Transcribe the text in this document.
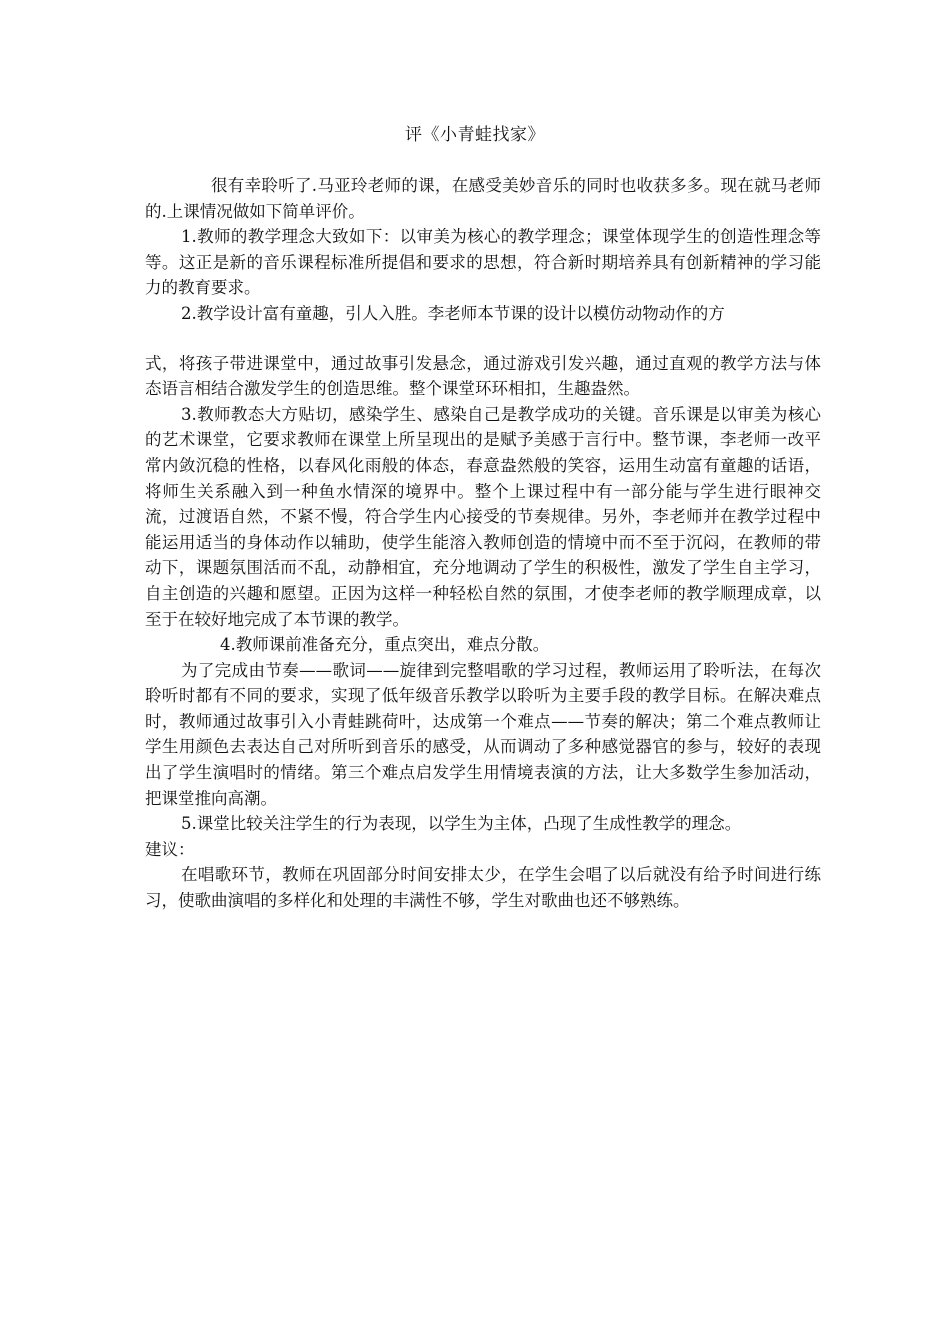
评《小青蛙找家》

很有幸聆听了.马亚玲老师的课，在感受美妙音乐的同时也收获多多。现在就马老师的.上课情况做如下简单评价。

1.教师的教学理念大致如下：以审美为核心的教学理念；课堂体现学生的创造性理念等等。这正是新的音乐课程标准所提倡和要求的思想，符合新时期培养具有创新精神的学习能力的教育要求。

2.教学设计富有童趣，引人入胜。李老师本节课的设计以模仿动物动作的方

式，将孩子带进课堂中，通过故事引发悬念，通过游戏引发兴趣，通过直观的教学方法与体态语言相结合激发学生的创造思维。整个课堂环环相扣，生趣盎然。

3.教师教态大方贴切，感染学生、感染自己是教学成功的关键。音乐课是以审美为核心的艺术课堂，它要求教师在课堂上所呈现出的是赋予美感于言行中。整节课，李老师一改平常内敛沉稳的性格，以春风化雨般的体态，春意盎然般的笑容，运用生动富有童趣的话语，将师生关系融入到一种鱼水情深的境界中。整个上课过程中有一部分能与学生进行眼神交流，过渡语自然，不紧不慢，符合学生内心接受的节奏规律。另外，李老师并在教学过程中能运用适当的身体动作以辅助，使学生能溶入教师创造的情境中而不至于沉闷，在教师的带动下，课题氛围活而不乱，动静相宜，充分地调动了学生的积极性，激发了学生自主学习，自主创造的兴趣和愿望。正因为这样一种轻松自然的氛围，才使李老师的教学顺理成章，以至于在较好地完成了本节课的教学。

4.教师课前准备充分，重点突出，难点分散。

为了完成由节奏——歌词——旋律到完整唱歌的学习过程，教师运用了聆听法，在每次聆听时都有不同的要求，实现了低年级音乐教学以聆听为主要手段的教学目标。在解决难点时，教师通过故事引入小青蛙跳荷叶，达成第一个难点——节奏的解决；第二个难点教师让学生用颜色去表达自己对所听到音乐的感受，从而调动了多种感觉器官的参与，较好的表现出了学生演唱时的情绪。第三个难点启发学生用情境表演的方法，让大多数学生参加活动，把课堂推向高潮。

5.课堂比较关注学生的行为表现，以学生为主体，凸现了生成性教学的理念。

建议：

在唱歌环节，教师在巩固部分时间安排太少，在学生会唱了以后就没有给予时间进行练习，使歌曲演唱的多样化和处理的丰满性不够，学生对歌曲也还不够熟练。
